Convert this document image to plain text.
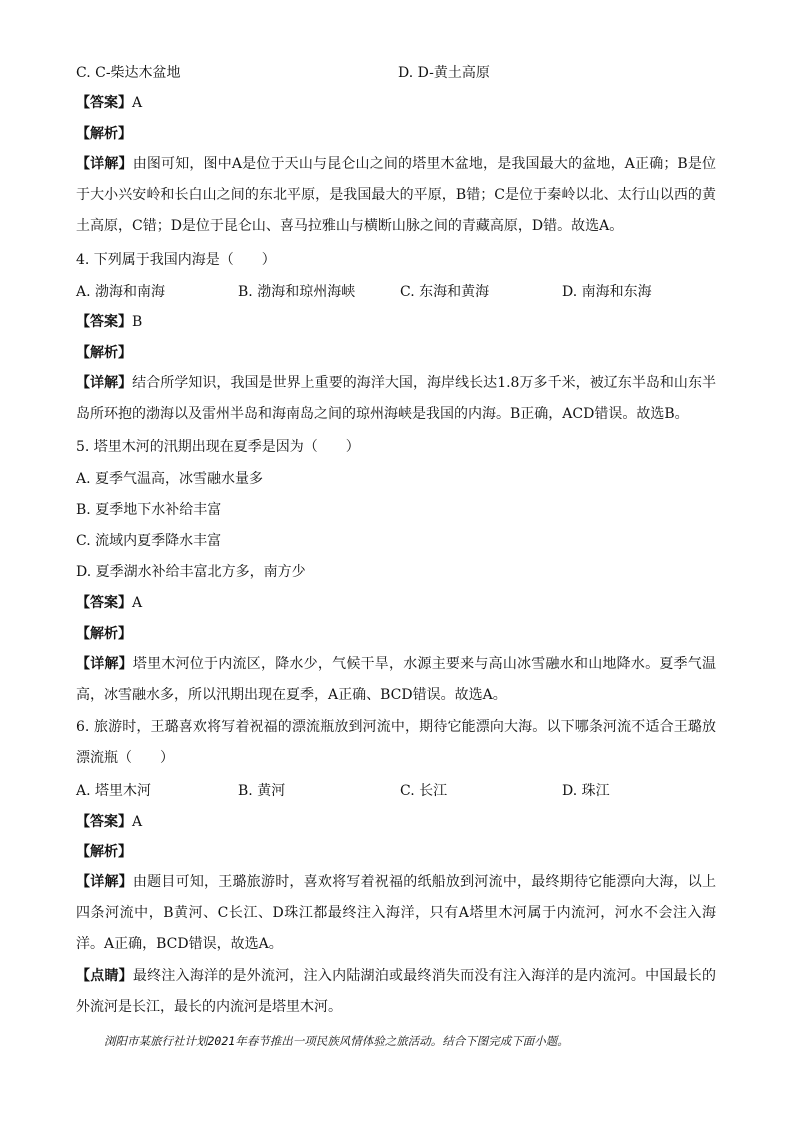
C. C-柴达木盆地	D. D-黄土高原
【答案】A
【解析】
【详解】由图可知，图中A是位于天山与昆仑山之间的塔里木盆地，是我国最大的盆地，A正确；B是位于大小兴安岭和长白山之间的东北平原，是我国最大的平原，B错；C是位于秦岭以北、太行山以西的黄土高原，C错；D是位于昆仑山、喜马拉雅山与横断山脉之间的青藏高原，D错。故选A。
4. 下列属于我国内海是（　　）
A. 渤海和南海	B. 渤海和琼州海峡	C. 东海和黄海	D. 南海和东海
【答案】B
【解析】
【详解】结合所学知识，我国是世界上重要的海洋大国，海岸线长达1.8万多千米，被辽东半岛和山东半岛所环抱的渤海以及雷州半岛和海南岛之间的琼州海峡是我国的内海。B正确，ACD错误。故选B。
5. 塔里木河的汛期出现在夏季是因为（　　）
A. 夏季气温高，冰雪融水量多
B. 夏季地下水补给丰富
C. 流域内夏季降水丰富
D. 夏季湖水补给丰富北方多，南方少
【答案】A
【解析】
【详解】塔里木河位于内流区，降水少，气候干旱，水源主要来与高山冰雪融水和山地降水。夏季气温高，冰雪融水多，所以汛期出现在夏季，A正确、BCD错误。故选A。
6. 旅游时，王璐喜欢将写着祝福的漂流瓶放到河流中，期待它能漂向大海。以下哪条河流不适合王璐放漂流瓶（　　）
A. 塔里木河	B. 黄河	C. 长江	D. 珠江
【答案】A
【解析】
【详解】由题目可知，王璐旅游时，喜欢将写着祝福的纸船放到河流中，最终期待它能漂向大海，以上四条河流中，B黄河、C长江、D珠江都最终注入海洋，只有A塔里木河属于内流河，河水不会注入海洋。A正确，BCD错误，故选A。
【点睛】最终注入海洋的是外流河，注入内陆湖泊或最终消失而没有注入海洋的是内流河。中国最长的外流河是长江，最长的内流河是塔里木河。
浏阳市某旅行社计划2021年春节推出一项民族风情体验之旅活动。结合下图完成下面小题。
